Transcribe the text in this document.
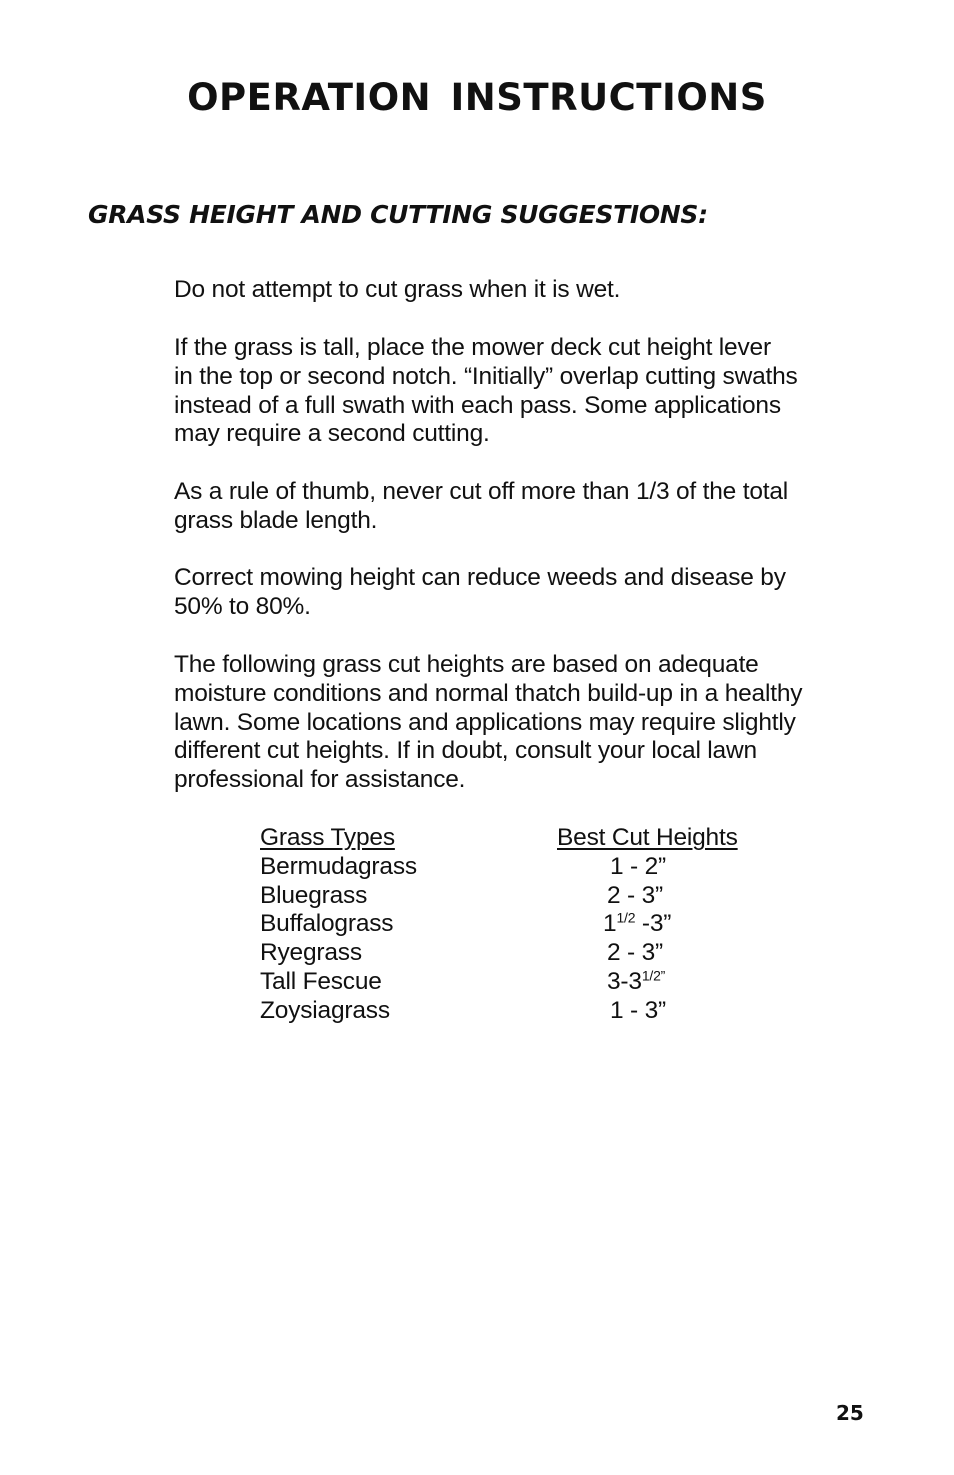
OPERATION INSTRUCTIONS
GRASS HEIGHT AND CUTTING SUGGESTIONS:

Do not attempt to cut grass when it is wet.

If the grass is tall, place the mower deck cut height lever
in the top or second notch. “Initially” overlap cutting swaths
instead of a full swath with each pass. Some applications
may require a second cutting.

As a rule of thumb, never cut off more than 1/3 of the total
grass blade length.

Correct mowing height can reduce weeds and disease by
50% to 80%.

The following grass cut heights are based on adequate
moisture conditions and normal thatch build-up in a healthy
lawn. Some locations and applications may require slightly
different cut heights. If in doubt, consult your local lawn
professional for assistance.

Grass Types	Best Cut Heights
Bermudagrass	1 - 2”
Bluegrass	2 - 3”
Buffalograss	$1^{1/2}$ -3”
Ryegrass	2 - 3”
Tall Fescue	$3-3^{1/2”}$
Zoysiagrass	1 - 3”
25
